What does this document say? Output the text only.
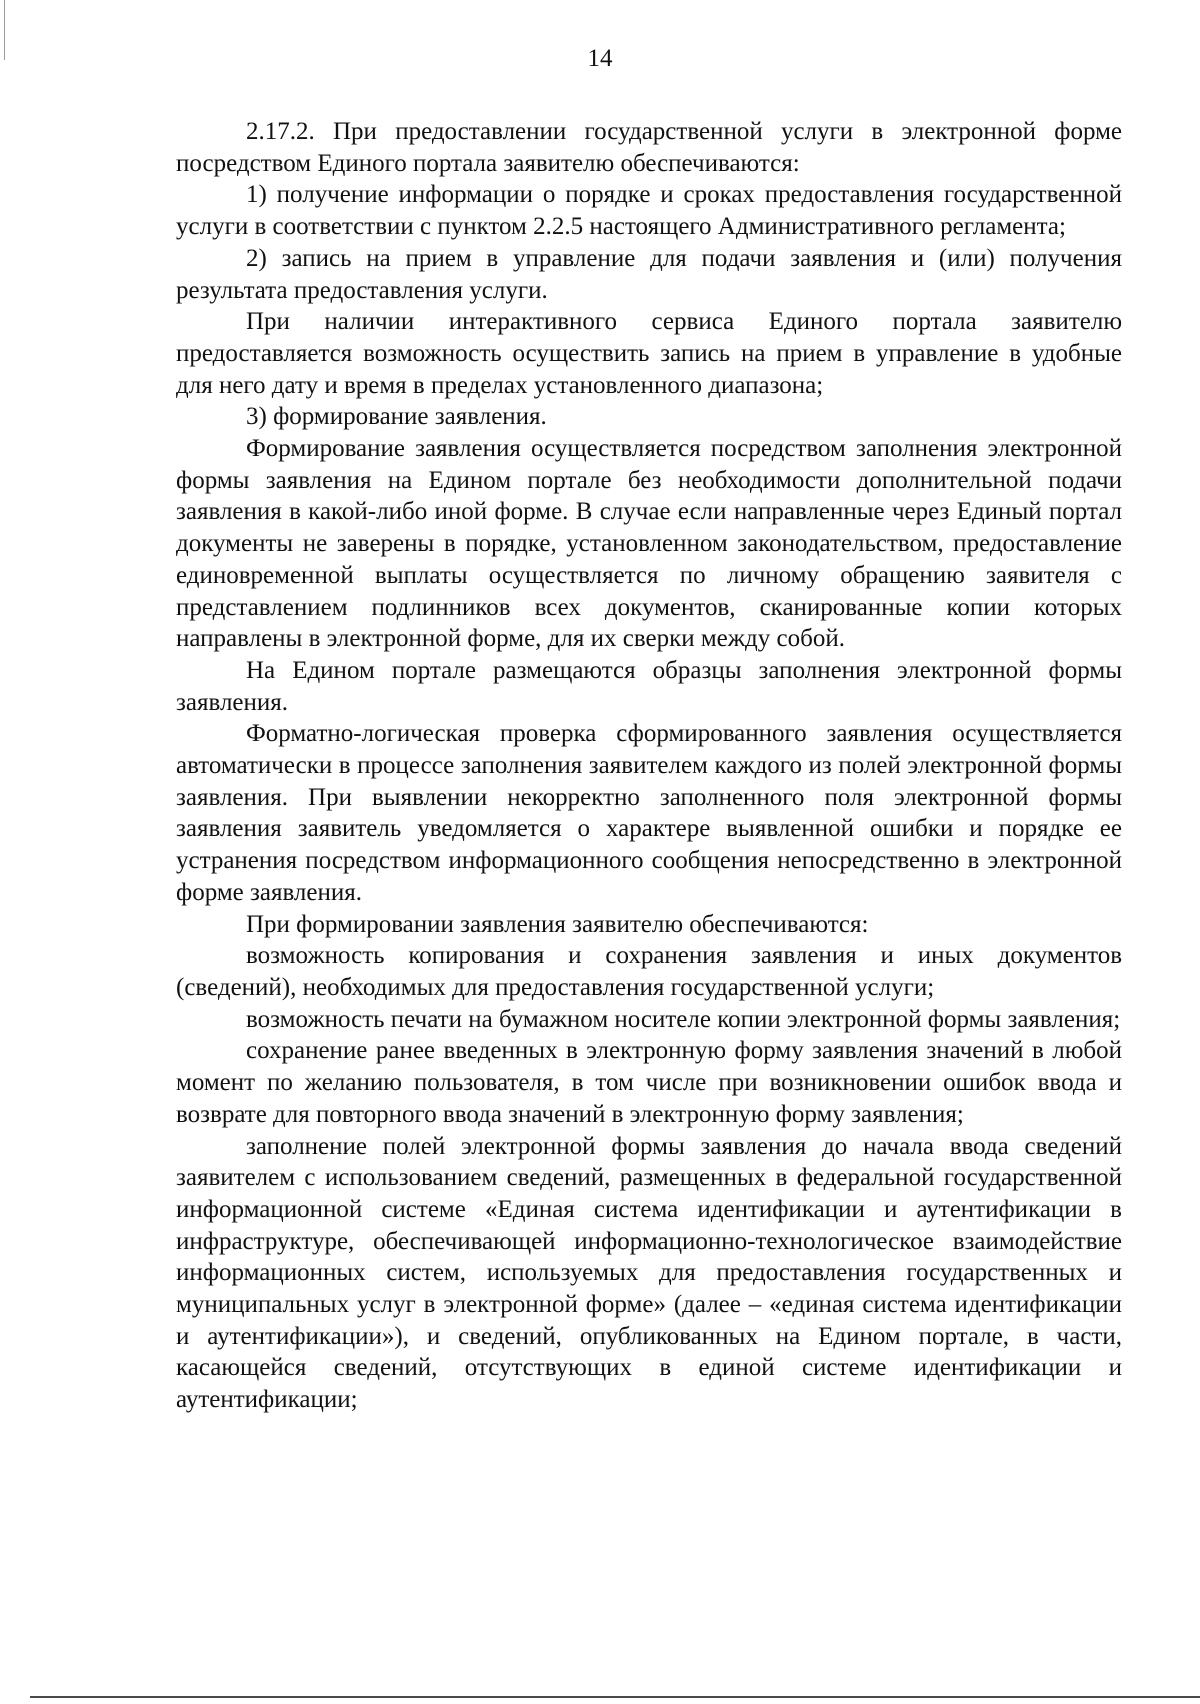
14

2.17.2. При предоставлении государственной услуги в электронной форме посредством Единого портала заявителю обеспечиваются:

1) получение информации о порядке и сроках предоставления государственной услуги в соответствии с пунктом 2.2.5 настоящего Административного регламента;

2) запись на прием в управление для подачи заявления и (или) получения результата предоставления услуги.

При наличии интерактивного сервиса Единого портала заявителю предоставляется возможность осуществить запись на прием в управление в удобные для него дату и время в пределах установленного диапазона;

3) формирование заявления.

Формирование заявления осуществляется посредством заполнения электронной формы заявления на Едином портале без необходимости дополнительной подачи заявления в какой-либо иной форме. В случае если направленные через Единый портал документы не заверены в порядке, установленном законодательством, предоставление единовременной выплаты осуществляется по личному обращению заявителя с представлением подлинников всех документов, сканированные копии которых направлены в электронной форме, для их сверки между собой.

На Едином портале размещаются образцы заполнения электронной формы заявления.

Форматно-логическая проверка сформированного заявления осуществляется автоматически в процессе заполнения заявителем каждого из полей электронной формы заявления. При выявлении некорректно заполненного поля электронной формы заявления заявитель уведомляется о характере выявленной ошибки и порядке ее устранения посредством информационного сообщения непосредственно в электронной форме заявления.

При формировании заявления заявителю обеспечиваются:

возможность копирования и сохранения заявления и иных документов (сведений), необходимых для предоставления государственной услуги;

возможность печати на бумажном носителе копии электронной формы заявления;

сохранение ранее введенных в электронную форму заявления значений в любой момент по желанию пользователя, в том числе при возникновении ошибок ввода и возврате для повторного ввода значений в электронную форму заявления;

заполнение полей электронной формы заявления до начала ввода сведений заявителем с использованием сведений, размещенных в федеральной государственной информационной системе «Единая система идентификации и аутентификации в инфраструктуре, обеспечивающей информационно-технологическое взаимодействие информационных систем, используемых для предоставления государственных и муниципальных услуг в электронной форме» (далее – «единая система идентификации и аутентификации»), и сведений, опубликованных на Едином портале, в части, касающейся сведений, отсутствующих в единой системе идентификации и аутентификации;
